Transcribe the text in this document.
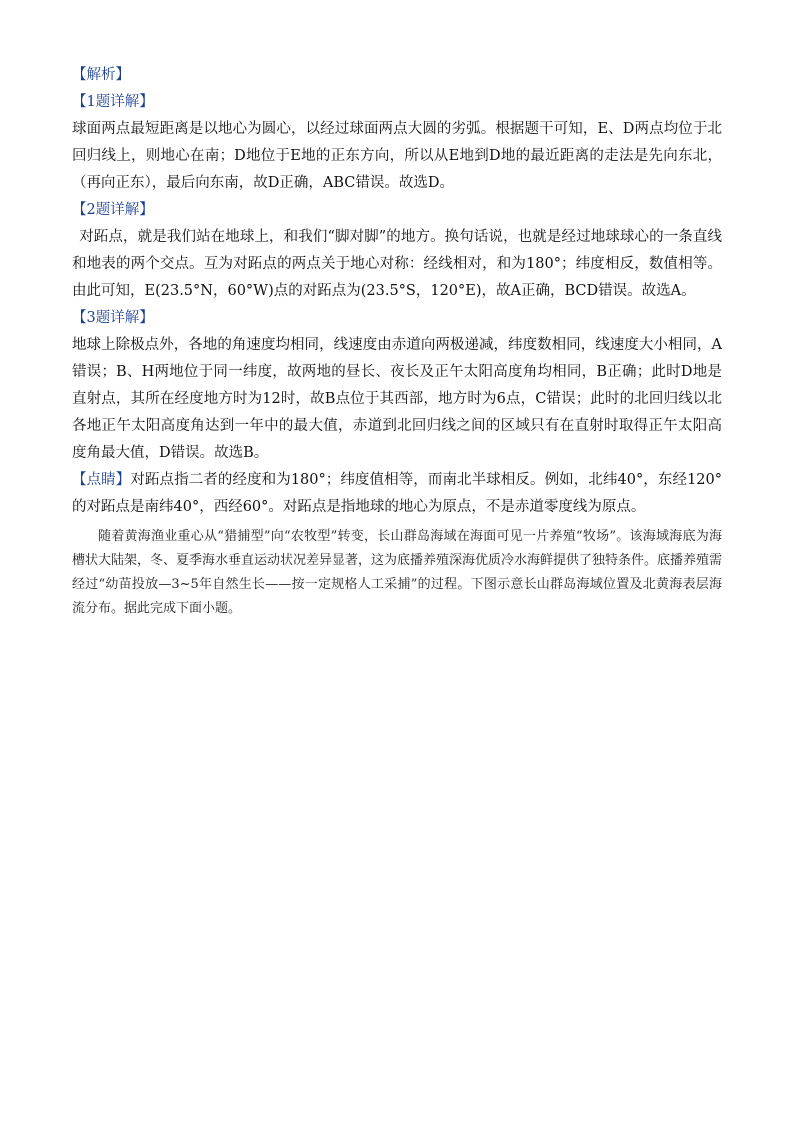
【解析】
【1题详解】

球面两点最短距离是以地心为圆心，以经过球面两点大圆的劣弧。根据题干可知，E、D两点均位于北回归线上，则地心在南；D地位于E地的正东方向，所以从E地到D地的最近距离的走法是先向东北，（再向正东），最后向东南，故D正确，ABC错误。故选D。

【2题详解】

对跖点，就是我们站在地球上，和我们“脚对脚”的地方。换句话说，也就是经过地球球心的一条直线和地表的两个交点。互为对跖点的两点关于地心对称：经线相对，和为180°；纬度相反，数值相等。由此可知，E(23.5°N，60°W)点的对跖点为(23.5°S，120°E)，故A正确，BCD错误。故选A。

【3题详解】

地球上除极点外，各地的角速度均相同，线速度由赤道向两极递减，纬度数相同，线速度大小相同，A错误；B、H两地位于同一纬度，故两地的昼长、夜长及正午太阳高度角均相同，B正确；此时D地是直射点，其所在经度地方时为12时，故B点位于其西部，地方时为6点，C错误；此时的北回归线以北各地正午太阳高度角达到一年中的最大值，赤道到北回归线之间的区域只有在直射时取得正午太阳高度角最大值，D错误。故选B。

【点睛】对跖点指二者的经度和为180°；纬度值相等，而南北半球相反。例如，北纬40°，东经120°的对跖点是南纬40°，西经60°。对跖点是指地球的地心为原点，不是赤道零度线为原点。

随着黄海渔业重心从“猎捕型”向“农牧型”转变，长山群岛海域在海面可见一片养殖“牧场”。该海域海底为海槽状大陆架，冬、夏季海水垂直运动状况差异显著，这为底播养殖深海优质冷水海鲜提供了独特条件。底播养殖需经过“幼苗投放—3~5年自然生长——按一定规格人工采捕”的过程。下图示意长山群岛海域位置及北黄海表层海流分布。据此完成下面小题。
